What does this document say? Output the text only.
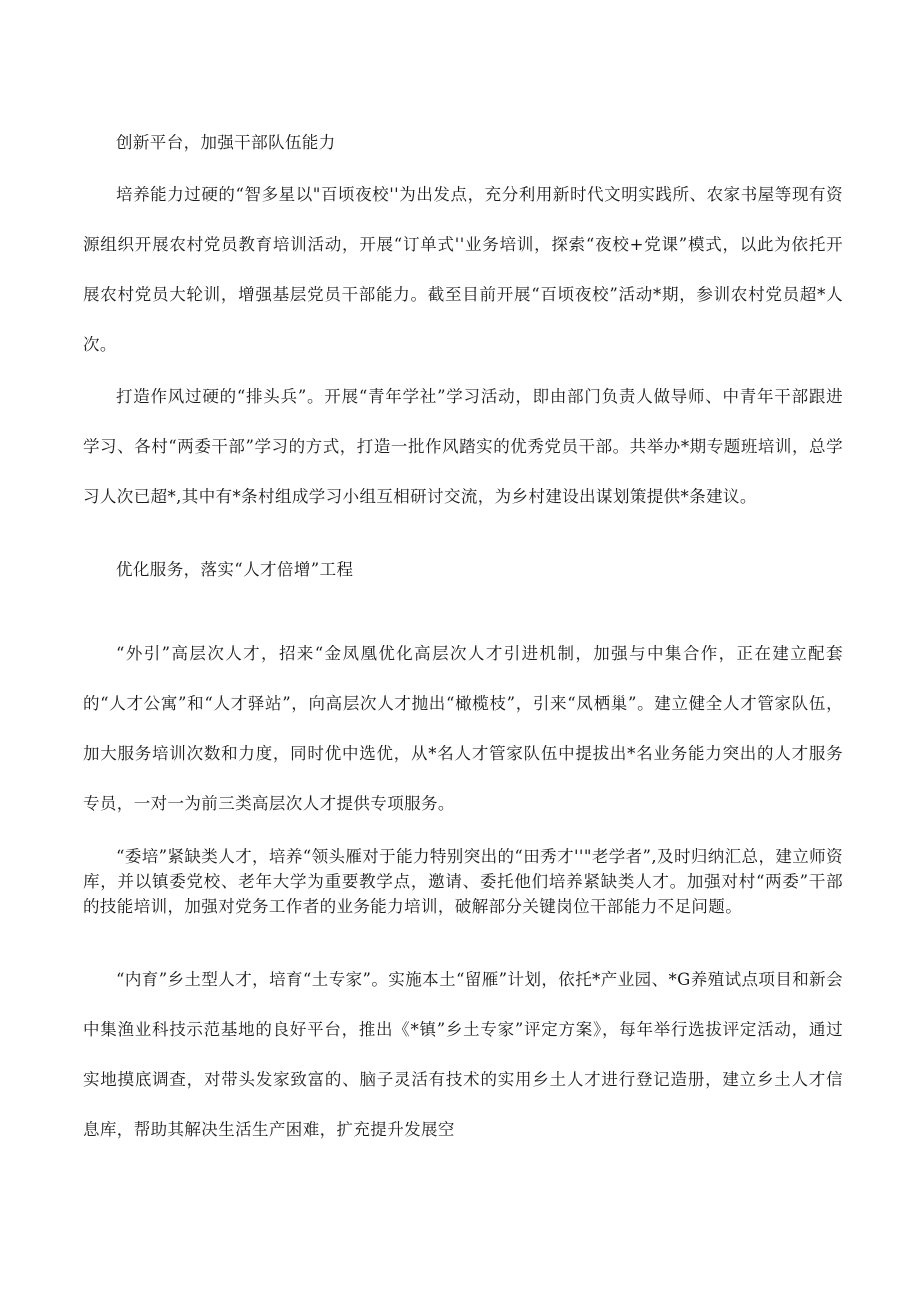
创新平台，加强干部队伍能力

培养能力过硬的“智多星以"百顷夜校''为出发点，充分利用新时代文明实践所、农家书屋等现有资源组织开展农村党员教育培训活动，开展“订单式''业务培训，探索“夜校+党课”模式，以此为依托开展农村党员大轮训，增强基层党员干部能力。截至目前开展“百顷夜校”活动*期，参训农村党员超*人次。

打造作风过硬的“排头兵”。开展“青年学社”学习活动，即由部门负责人做导师、中青年干部跟进学习、各村“两委干部”学习的方式，打造一批作风踏实的优秀党员干部。共举办*期专题班培训，总学习人次已超*,其中有*条村组成学习小组互相研讨交流，为乡村建设出谋划策提供*条建议。

优化服务，落实“人才倍增”工程

“外引”高层次人才，招来“金凤凰优化高层次人才引进机制，加强与中集合作，正在建立配套的“人才公寓”和“人才驿站”，向高层次人才抛出“橄榄枝”，引来“凤栖巢”。建立健全人才管家队伍，加大服务培训次数和力度，同时优中选优，从*名人才管家队伍中提拔出*名业务能力突出的人才服务专员，一对一为前三类高层次人才提供专项服务。

“委培”紧缺类人才，培养“领头雁对于能力特别突出的“田秀才''"老学者”,及时归纳汇总，建立师资库，并以镇委党校、老年大学为重要教学点，邀请、委托他们培养紧缺类人才。加强对村“两委”干部的技能培训，加强对党务工作者的业务能力培训，破解部分关键岗位干部能力不足问题。

“内育”乡土型人才，培育“土专家”。实施本土“留雁”计划，依托*产业园、*G养殖试点项目和新会中集渔业科技示范基地的良好平台，推出《*镇”乡土专家”评定方案》，每年举行选拔评定活动，通过实地摸底调查，对带头发家致富的、脑子灵活有技术的实用乡土人才进行登记造册，建立乡土人才信息库，帮助其解决生活生产困难，扩充提升发展空
